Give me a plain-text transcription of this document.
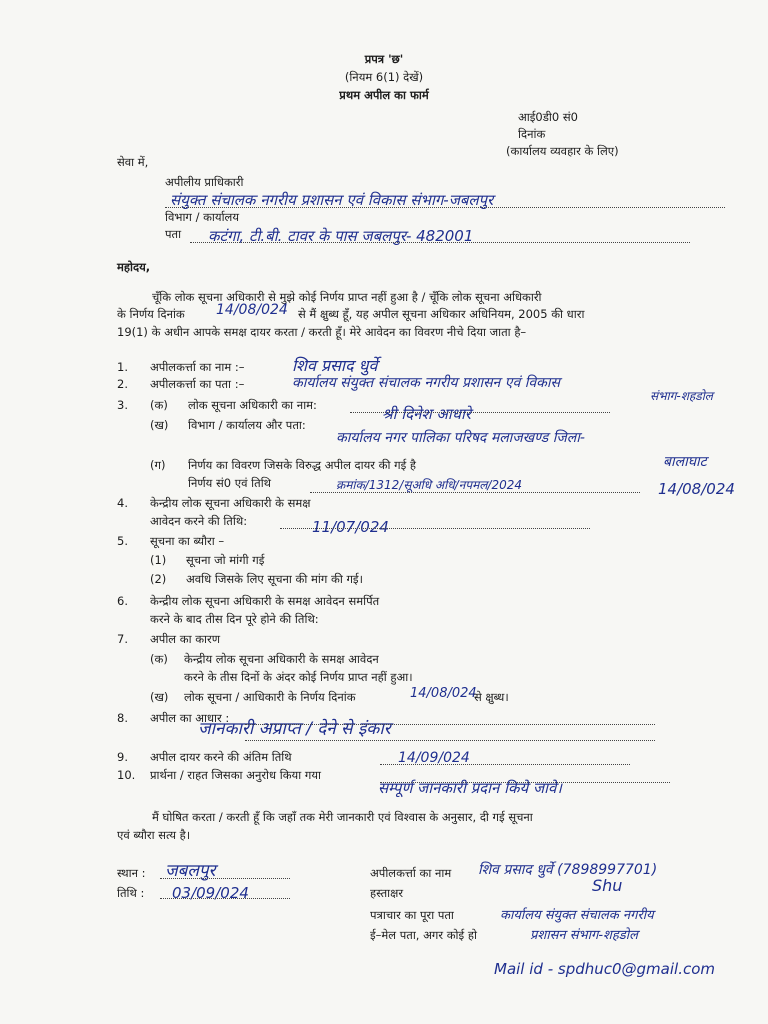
प्रपत्र 'छ'
(नियम 6(1) देखें)
प्रथम अपील का फार्म
आई0डी0 सं0
दिनांक
(कार्यालय व्यवहार के लिए)
सेवा में,
अपीलीय प्राधिकारी
संयुक्त संचालक नगरीय प्रशासन एवं विकास संभाग-जबलपुर
विभाग / कार्यालय
पता कटंगा, टी.बी. टावर के पास जबलपुर- 482001
महोदय,
चूँकि लोक सूचना अधिकारी से मुझे कोई निर्णय प्राप्त नहीं हुआ है / चूँकि लोक सूचना अधिकारी
के निर्णय दिनांक 14/08/024 से मैं क्षुब्ध हूँ, यह अपील सूचना अधिकार अधिनियम, 2005 की धारा
19(1) के अधीन आपके समक्ष दायर करता / करती हूँ। मेरे आवेदन का विवरण नीचे दिया जाता है–
1. अपीलकर्त्ता का नाम :–	शिव प्रसाद धुर्वे
2. अपीलकर्त्ता का पता :–	कार्यालय संयुक्त संचालक नगरीय प्रशासन एवं विकास
संभाग-शहडोल
3. (क) लोक सूचना अधिकारी का नाम:	श्री दिनेश आधारे
(ख) विभाग / कार्यालय और पता:
कार्यालय नगर पालिका परिषद मलाजखण्ड जिला-
बालाघाट
(ग) निर्णय का विवरण जिसके विरुद्ध अपील दायर की गई है
निर्णय सं0 एवं तिथि	क्रमांक/1312/सूअधि अधि/नपमल/2024	14/08/024
4. केन्द्रीय लोक सूचना अधिकारी के समक्ष
आवेदन करने की तिथि:	11/07/024
5. सूचना का ब्यौरा –
(1) सूचना जो मांगी गई
(2) अवधि जिसके लिए सूचना की मांग की गई।
6. केन्द्रीय लोक सूचना अधिकारी के समक्ष आवेदन समर्पित
करने के बाद तीस दिन पूरे होने की तिथि:
7. अपील का कारण
(क) केन्द्रीय लोक सूचना अधिकारी के समक्ष आवेदन
करने के तीस दिनों के अंदर कोई निर्णय प्राप्त नहीं हुआ।
(ख) लोक सूचना / आधिकारी के निर्णय दिनांक	14/08/024
से क्षुब्ध।
8. अपील का आधार :
जानकारी अप्राप्त / देने से इंकार
9. अपील दायर करने की अंतिम तिथि	14/09/024
10. प्रार्थना / राहत जिसका अनुरोध किया गया
सम्पूर्ण जानकारी प्रदान किये जावे।
मैं घोषित करता / करती हूँ कि जहाँ तक मेरी जानकारी एवं विश्वास के अनुसार, दी गई सूचना
एवं ब्यौरा सत्य है।
स्थान : जबलपुर
तिथि : 03/09/024
अपीलकर्त्ता का नाम शिव प्रसाद धुर्वे (7898997701)
हस्ताक्षर	Shu
पत्राचार का पूरा पता	कार्यालय संयुक्त संचालक नगरीय
ई–मेल पता, अगर कोई हो	प्रशासन संभाग-शहडोल
Mail id - spdhuc0@gmail.com
